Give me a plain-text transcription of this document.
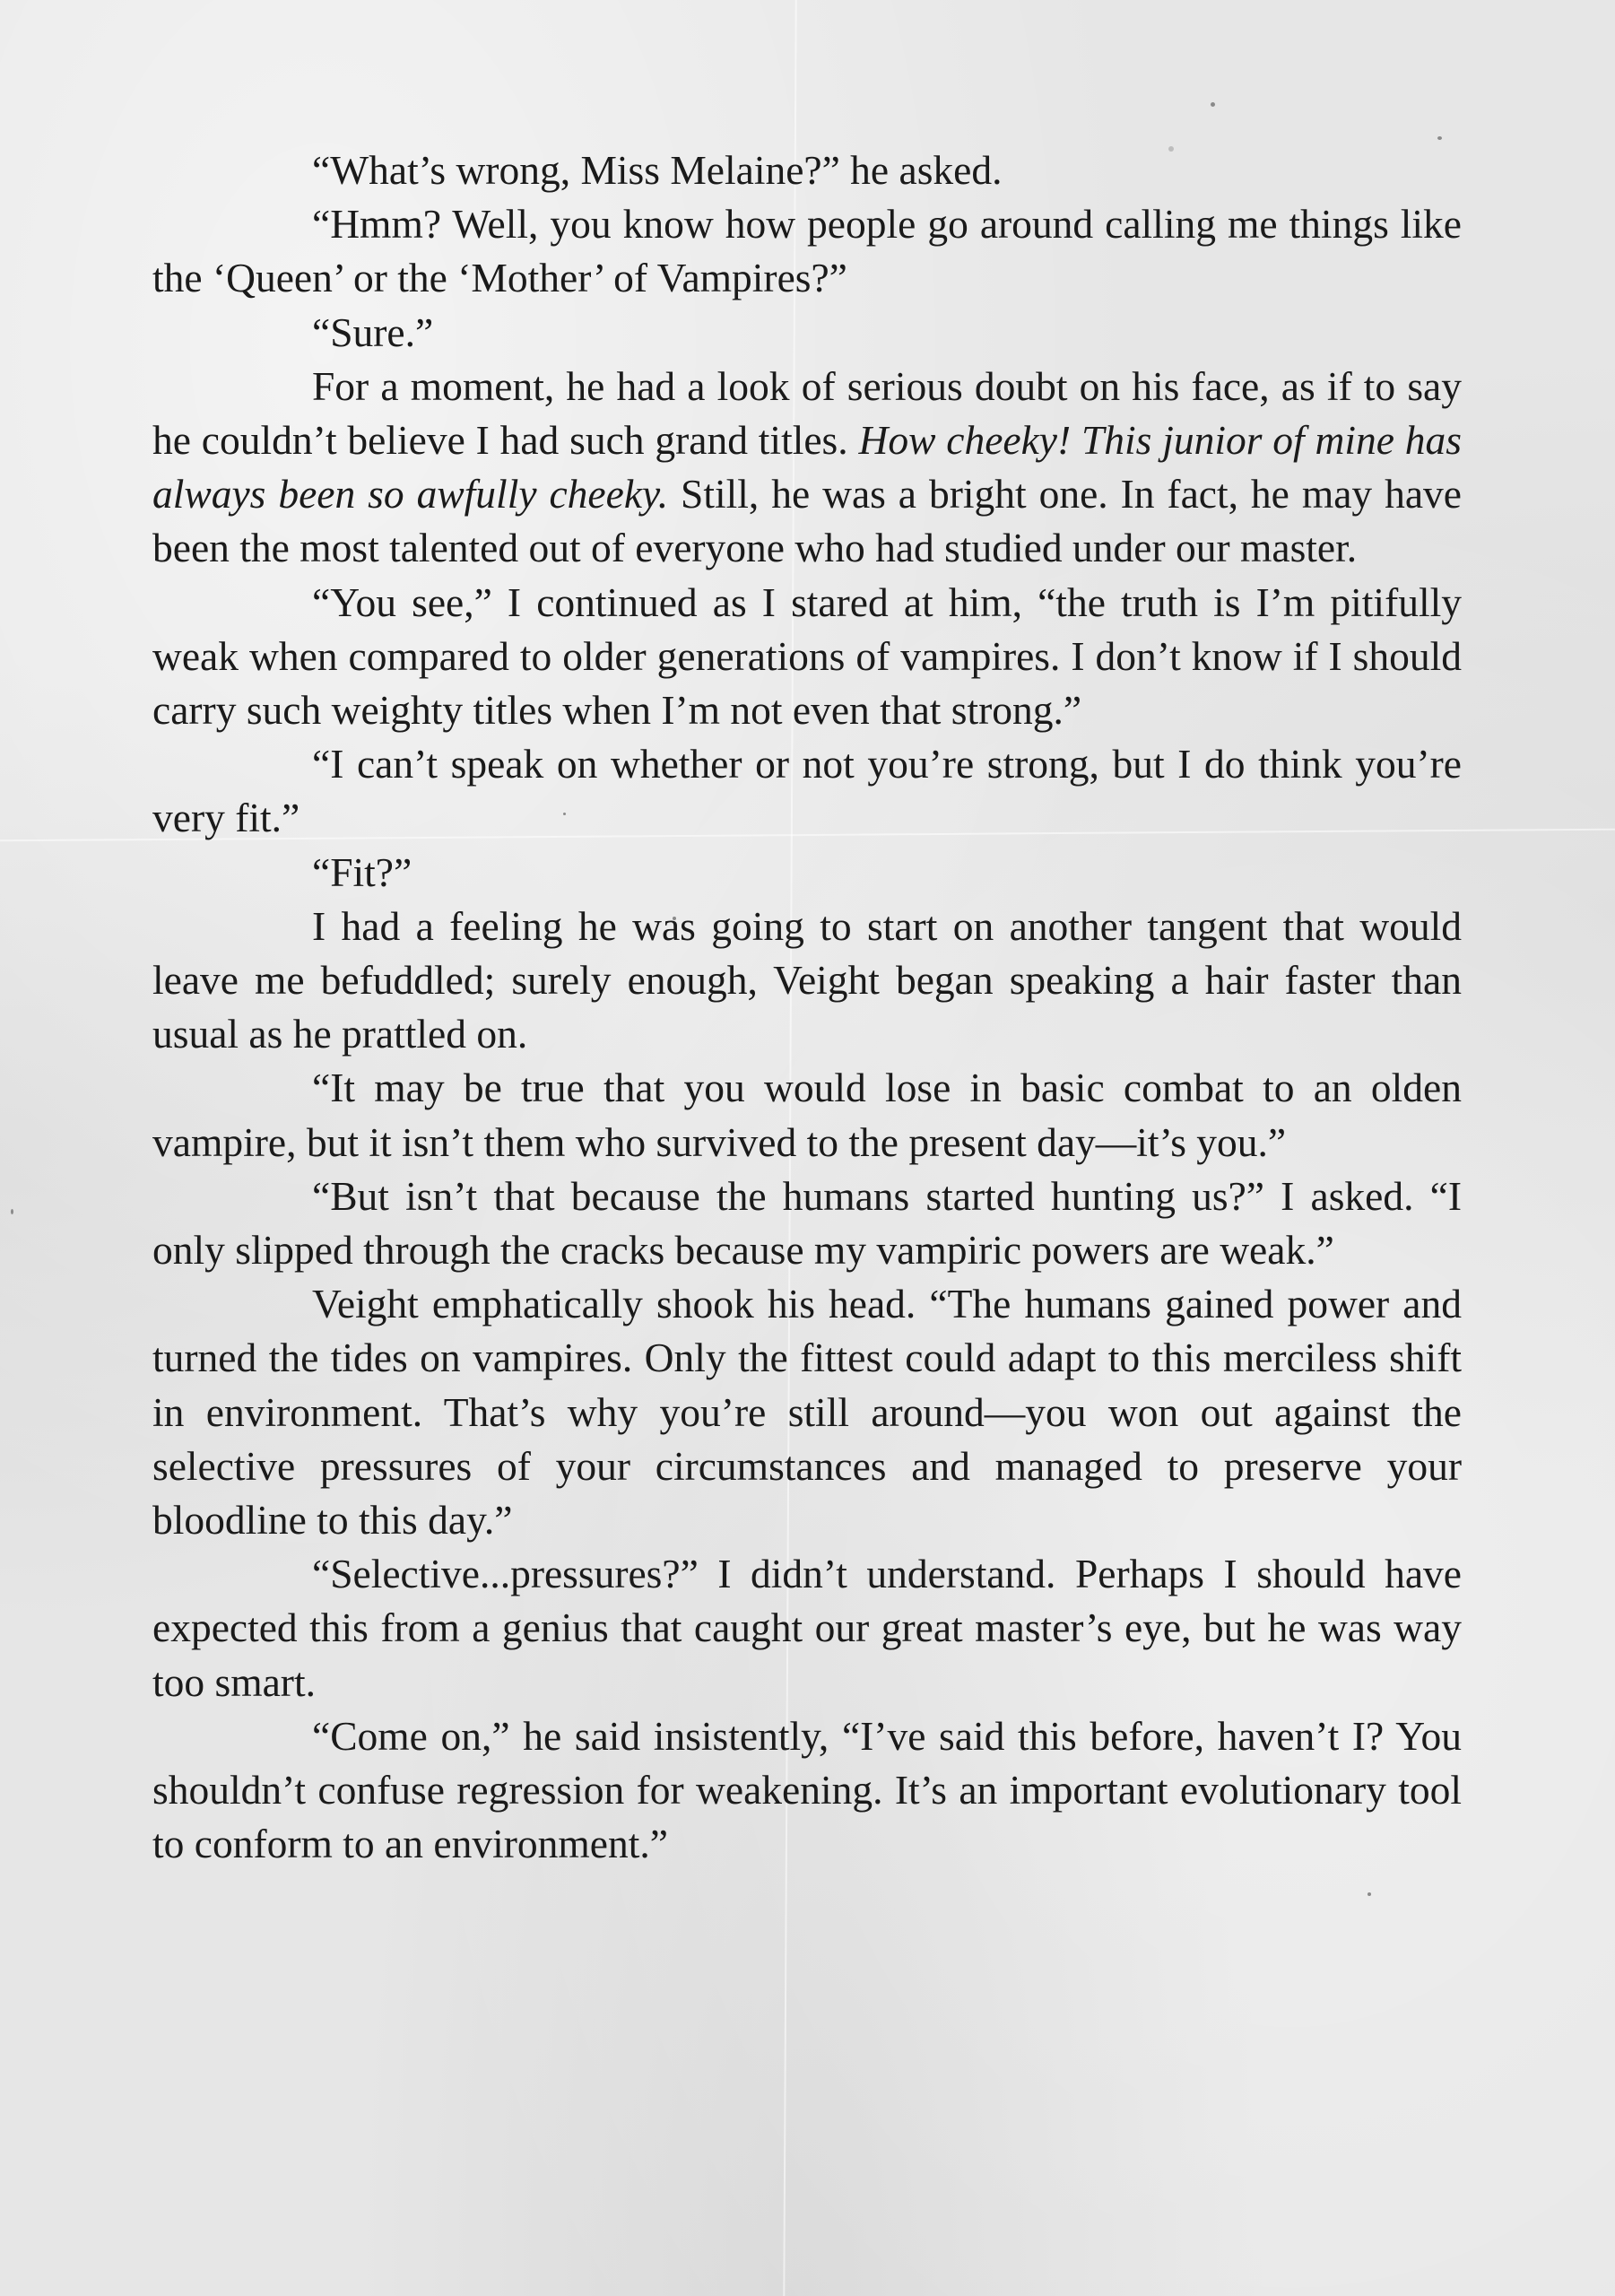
“What’s wrong, Miss Melaine?” he asked.

“Hmm? Well, you know how people go around calling me things like the ‘Queen’ or the ‘Mother’ of Vampires?”

“Sure.”

For a moment, he had a look of serious doubt on his face, as if to say he couldn’t believe I had such grand titles. How cheeky! This junior of mine has always been so awfully cheeky. Still, he was a bright one. In fact, he may have been the most talented out of everyone who had studied under our master.

“You see,” I continued as I stared at him, “the truth is I’m pitifully weak when compared to older generations of vampires. I don’t know if I should carry such weighty titles when I’m not even that strong.”

“I can’t speak on whether or not you’re strong, but I do think you’re very fit.”

“Fit?”

I had a feeling he was going to start on another tangent that would leave me befuddled; surely enough, Veight began speaking a hair faster than usual as he prattled on.

“It may be true that you would lose in basic combat to an olden vampire, but it isn’t them who survived to the present day—it’s you.”

“But isn’t that because the humans started hunting us?” I asked. “I only slipped through the cracks because my vampiric powers are weak.”

Veight emphatically shook his head. “The humans gained power and turned the tides on vampires. Only the fittest could adapt to this merciless shift in environment. That’s why you’re still around—you won out against the selective pressures of your circumstances and managed to preserve your bloodline to this day.”

“Selective...pressures?” I didn’t understand. Perhaps I should have expected this from a genius that caught our great master’s eye, but he was way too smart.

“Come on,” he said insistently, “I’ve said this before, haven’t I? You shouldn’t confuse regression for weakening. It’s an important evolutionary tool to conform to an environment.”
